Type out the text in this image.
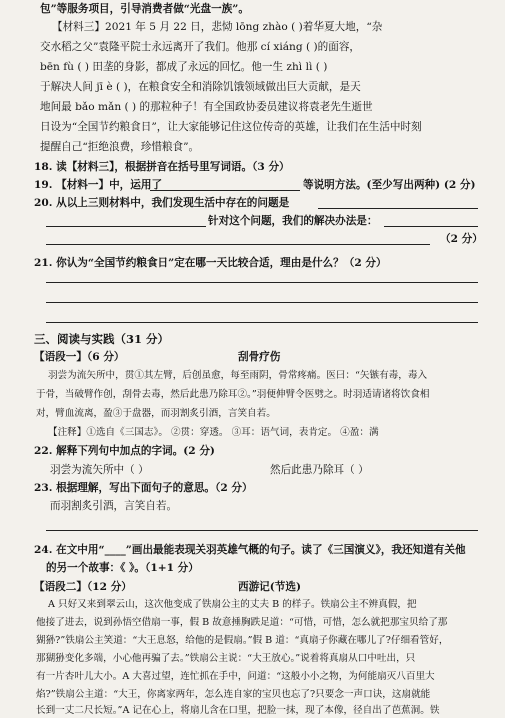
包”等服务项目，引导消费者做“光盘一族”。
【材料三】2021 年 5 月 22 日，悲恸 lōng zhào ( )着华夏大地，“杂
交水稻之父”袁隆平院士永远离开了我们。他那 cí xiáng ( )的面容，
bēn fù ( ) 田垄的身影，都成了永远的回忆。他一生 zhì lì ( )
于解决人间 jī è ( )，在粮食安全和消除饥饿领域做出巨大贡献，是天
地间最 bǎo mǎn ( ) 的那粒种子！有全国政协委员建议将袁老先生逝世
日设为“全国节约粮食日”，让大家能够记住这位传奇的英雄，让我们在生活中时刻
提醒自己“拒绝浪费，珍惜粮食”。
18. 读【材料三】，根据拼音在括号里写词语。（3 分）
19. 【材料一】中，运用了	等说明方法。(至少写出两种) (2 分)
20. 从以上三则材料中，我们发现生活中存在的问题是
针对这个问题，我们的解决办法是：
（2 分）
21. 你认为“全国节约粮食日”定在哪一天比较合适，理由是什么？（2 分）
三、阅读与实践（31 分）
【语段一】（6 分）	刮骨疗伤
羽尝为流矢所中，贯①其左臂，后创虽愈，每至雨阴，骨常疼痛。医曰：“矢镞有毒，毒入
于骨，当破臂作创，刮骨去毒，然后此患乃除耳②。”羽便伸臂令医劈之。时羽适请诸将饮食相
对，臂血流离，盈③于盘器，而羽割炙引酒，言笑自若。
【注释】①选自《三国志》。 ②贯：穿透。 ③耳：语气词，表肯定。 ④盈：满
22. 解释下列句中加点的字词。(2 分)
羽尝为流矢所中（ ）	然后此患乃除耳（ ）
23. 根据理解，写出下面句子的意思。（2 分）
而羽割炙引酒，言笑自若。
24. 在文中用“____”画出最能表现关羽英雄气概的句子。读了《三国演义》，我还知道有关他
的另一个故事：《 》。（1+1 分）
【语段二】（12 分）	西游记(节选)
A 只好又来到翠云山，这次他变成了铁扇公主的丈夫 B 的样子。铁扇公主不辨真假，把
他接了进去，说到孙悟空借扇一事，假 B 故意捶胸跌足道：“可惜，可惜，怎么就把那宝贝给了那
猢狲?”铁扇公主笑道：“大王息怒，给他的是假扇。”假 B 道：“真扇子你藏在哪儿了?仔细看管好，
那猢狲变化多端，小心他再骗了去。”铁扇公主说：“大王放心。”说着将真扇从口中吐出，只
有一片杏叶儿大小。A 大喜过望，连忙抓在手中，问道：“这般小小之物，为何能扇灭八百里大
焰?”铁扇公主道：“大王，你离家两年，怎么连自家的宝贝也忘了?只要念一声口诀，这扇就能
长到一丈二尺长短。”A 记在心上，将扇儿含在口里，把脸一抹，现了本像，径自出了芭蕉洞。铁
